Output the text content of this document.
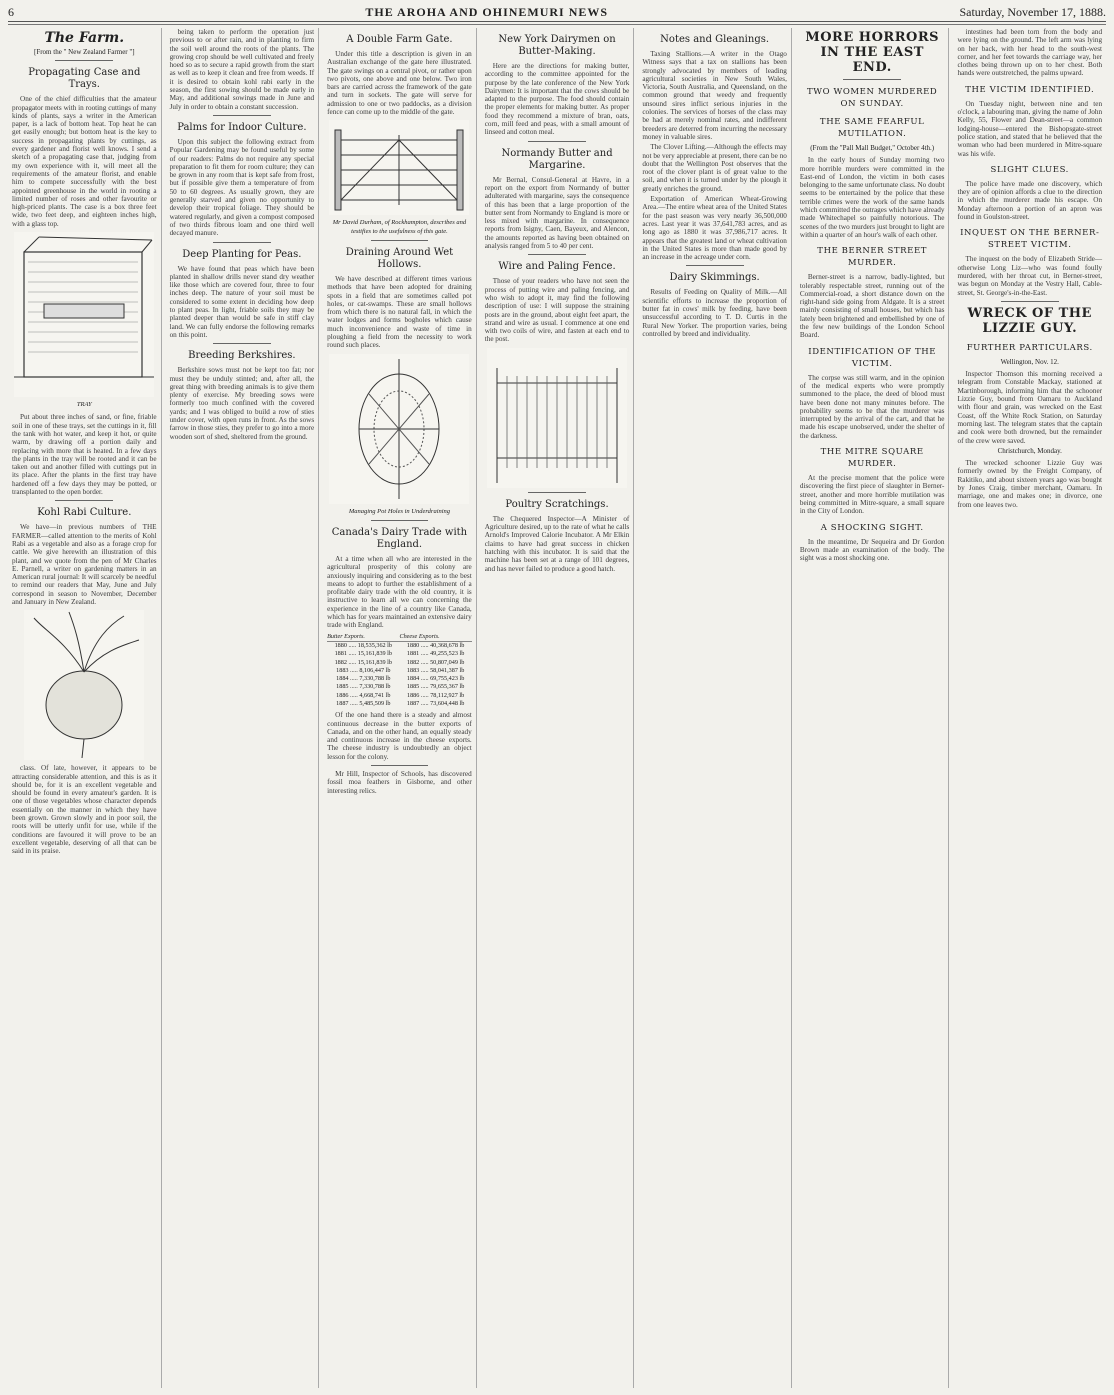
6	THE AROHA AND OHINEMURI NEWS	Saturday, November 17, 1888.
The Farm.
[From the " New Zealand Farmer "]
Propagating Case and Trays.

One of the chief difficulties that the amateur propagator meets with in rooting cuttings of many kinds of plants, says a writer in the American paper, is a lack of bottom heat. Top heat he can get easily enough; but bottom heat is the key to success in propagating plants by cuttings, as every gardener and florist well knows. I send a sketch of a propagating case that, judging from my own experience with it, will meet all the requirements of the amateur florist, and enable him to compete successfully with the best appointed greenhouse in the world in rooting a limited number of roses and other favourite or high-priced plants. The case is a box three feet wide, two feet deep, and eighteen inches high, with a glass top.

TRAY

Put about three inches of sand, or fine, friable soil in one of these trays, set the cuttings in it, fill the tank with hot water, and keep it hot, or quite warm, by drawing off a portion daily and replacing with more that is heated. In a few days the plants in the tray will be rooted and it can be taken out and another filled with cuttings put in its place. After the plants in the first tray have hardened off a few days they may be potted, or transplanted to the open border.

Kohl Rabi Culture.

We have—in previous numbers of THE FARMER—called attention to the merits of Kohl Rabi as a vegetable and also as a forage crop for cattle. We give herewith an illustration of this plant, and we quote from the pen of Mr Charles E. Parnell, a writer on gardening matters in an American rural journal: It will scarcely be needful to remind our readers that May, June and July correspond in season to November, December and January in New Zealand.

class. Of late, however, it appears to be attracting considerable attention, and this is as it should be, for it is an excellent vegetable and should be found in every amateur's garden. It is one of those vegetables whose character depends essentially on the manner in which they have been grown. Grown slowly and in poor soil, the roots will be utterly unfit for use, while if the conditions are favoured it will prove to be an excellent vegetable, deserving of all that can be said in its praise.

being taken to perform the operation just previous to or after rain, and in planting to firm the soil well around the roots of the plants. The growing crop should be well cultivated and freely hoed so as to secure a rapid growth from the start as well as to keep it clean and free from weeds. If it is desired to obtain kohl rabi early in the season, the first sowing should be made early in May, and additional sowings made in June and July in order to obtain a constant succession.

Palms for Indoor Culture.

Upon this subject the following extract from Popular Gardening may be found useful by some of our readers: Palms do not require any special preparation to fit them for room culture; they can be grown in any room that is kept safe from frost, but if possible give them a temperature of from 50 to 60 degrees. As usually grown, they are generally starved and given no opportunity to develop their tropical foliage. They should be watered regularly, and given a compost composed of two thirds fibrous loam and one third well decayed manure.

Deep Planting for Peas.

We have found that peas which have been planted in shallow drills never stand dry weather like those which are covered four, three to four inches deep. The nature of your soil must be considered to some extent in deciding how deep to plant peas. In light, friable soils they may be planted deeper than would be safe in stiff clay land. We can fully endorse the following remarks on this point.

Breeding Berkshires.

Berkshire sows must not be kept too fat; nor must they be unduly stinted; and, after all, the great thing with breeding animals is to give them plenty of exercise. My breeding sows were formerly too much confined with the covered yards; and I was obliged to build a row of sties under cover, with open runs in front. As the sows farrow in those sties, they prefer to go into a more wooden sort of shed, sheltered from the ground.

A Double Farm Gate.

Under this title a description is given in an Australian exchange of the gate here illustrated. The gate swings on a central pivot, or rather upon two pivots, one above and one below. Two iron bars are carried across the framework of the gate and turn in sockets. The gate will serve for admission to one or two paddocks, as a division fence can come up to the middle of the gate.

Mr David Durham, of Rockhampton, describes and testifies to the usefulness of this gate.
Draining Around Wet Hollows.

We have described at different times various methods that have been adopted for draining spots in a field that are sometimes called pot holes, or cat-swamps. These are small hollows from which there is no natural fall, in which the water lodges and forms bogholes which cause much inconvenience and waste of time in ploughing a field from the necessity to work round such places.

Managing Pot Holes in Underdraining
Canada's Dairy Trade with England.

At a time when all who are interested in the agricultural prosperity of this colony are anxiously inquiring and considering as to the best means to adopt to further the establishment of a profitable dairy trade with the old country, it is instructive to learn all we can concerning the experience in the line of a country like Canada, which has for years maintained an extensive dairy trade with England.

Butter Exports.	Cheese Exports.
1880 ..... 18,535,362 lb	1880 ..... 40,368,678 lb
1881 ..... 15,161,839 lb	1881 ..... 49,255,523 lb
1882 ..... 15,161,839 lb	1882 ..... 50,807,049 lb
1883 ..... 8,106,447 lb	1883 ..... 58,041,387 lb
1884 ..... 7,330,788 lb	1884 ..... 69,755,423 lb
1885 ..... 7,330,788 lb	1885 ..... 79,655,367 lb
1886 ..... 4,668,741 lb	1886 ..... 78,112,927 lb
1887 ..... 5,485,509 lb	1887 ..... 73,604,448 lb

Of the one hand there is a steady and almost continuous decrease in the butter exports of Canada, and on the other hand, an equally steady and continuous increase in the cheese exports. The cheese industry is undoubtedly an object lesson for the colony.

Mr Hill, Inspector of Schools, has discovered fossil moa feathers in Gisborne, and other interesting relics.

New York Dairymen on Butter-Making.

Here are the directions for making butter, according to the committee appointed for the purpose by the late conference of the New York Dairymen: It is important that the cows should be adapted to the purpose. The food should contain the proper elements for making butter. As proper food they recommend a mixture of bran, oats, corn, mill feed and peas, with a small amount of linseed and cotton meal.

Normandy Butter and Margarine.

Mr Bernal, Consul-General at Havre, in a report on the export from Normandy of butter adulterated with margarine, says the consequence of this has been that a large proportion of the butter sent from Normandy to England is more or less mixed with margarine. In consequence reports from Isigny, Caen, Bayeux, and Alencon, the amounts reported as having been obtained on analysis ranged from 5 to 40 per cent.

Wire and Paling Fence.

Those of your readers who have not seen the process of putting wire and paling fencing, and who wish to adopt it, may find the following description of use: I will suppose the straining posts are in the ground, about eight feet apart, the strand and wire as usual. I commence at one end with two coils of wire, and fasten at each end to the post.

Poultry Scratchings.

The Chequered Inspector—A Minister of Agriculture desired, up to the rate of what he calls Arnold's Improved Calorie Incubator. A Mr Elkin claims to have had great success in chicken hatching with this incubator. It is said that the machine has been set at a range of 101 degrees, and has never failed to produce a good hatch.

Notes and Gleanings.

Taxing Stallions.—A writer in the Otago Witness says that a tax on stallions has been strongly advocated by members of leading agricultural societies in New South Wales, Victoria, South Australia, and Queensland, on the common ground that weedy and frequently unsound sires inflict serious injuries in the colonies. The services of horses of the class may be had at merely nominal rates, and indifferent breeders are deterred from incurring the necessary money in valuable sires.

The Clover Lifting.—Although the effects may not be very appreciable at present, there can be no doubt that the Wellington Post observes that the root of the clover plant is of great value to the soil, and when it is turned under by the plough it greatly enriches the ground.

Exportation of American Wheat-Growing Area.—The entire wheat area of the United States for the past season was very nearly 36,500,000 acres. Last year it was 37,641,783 acres, and as long ago as 1880 it was 37,986,717 acres. It appears that the greatest land or wheat cultivation in the United States is more than made good by an increase in the acreage under corn.

Dairy Skimmings.

Results of Feeding on Quality of Milk.—All scientific efforts to increase the proportion of butter fat in cows' milk by feeding, have been unsuccessful according to T. D. Curtis in the Rural New Yorker. The proportion varies, being controlled by breed and individuality.

MORE HORRORS IN THE EAST END.
TWO WOMEN MURDERED ON SUNDAY.
THE SAME FEARFUL MUTILATION.
(From the "Pall Mall Budget," October 4th.)

In the early hours of Sunday morning two more horrible murders were committed in the East-end of London, the victim in both cases belonging to the same unfortunate class. No doubt seems to be entertained by the police that these terrible crimes were the work of the same hands which committed the outrages which have already made Whitechapel so painfully notorious. The scenes of the two murders just brought to light are within a quarter of an hour's walk of each other.

THE BERNER STREET MURDER.

Berner-street is a narrow, badly-lighted, but tolerably respectable street, running out of the Commercial-road, a short distance down on the right-hand side going from Aldgate. It is a street mainly consisting of small houses, but which has lately been brightened and embellished by one of the few new buildings of the London School Board.

IDENTIFICATION OF THE VICTIM.

The corpse was still warm, and in the opinion of the medical experts who were promptly summoned to the place, the deed of blood must have been done not many minutes before. The probability seems to be that the murderer was interrupted by the arrival of the cart, and that he made his escape unobserved, under the shelter of the darkness.

THE MITRE SQUARE MURDER.

At the precise moment that the police were discovering the first piece of slaughter in Berner-street, another and more horrible mutilation was being committed in Mitre-square, a small square in the City of London.

A SHOCKING SIGHT.

In the meantime, Dr Sequeira and Dr Gordon Brown made an examination of the body. The sight was a most shocking one.

intestines had been torn from the body and were lying on the ground. The left arm was lying on her back, with her head to the south-west corner, and her feet towards the carriage way, her clothes being thrown up on to her chest. Both hands were outstretched, the palms upward.

THE VICTIM IDENTIFIED.

On Tuesday night, between nine and ten o'clock, a labouring man, giving the name of John Kelly, 55, Flower and Dean-street—a common lodging-house—entered the Bishopsgate-street police station, and stated that he believed that the woman who had been murdered in Mitre-square was his wife.

SLIGHT CLUES.

The police have made one discovery, which they are of opinion affords a clue to the direction in which the murderer made his escape. On Monday afternoon a portion of an apron was found in Goulston-street.

INQUEST ON THE BERNER-STREET VICTIM.

The inquest on the body of Elizabeth Stride—otherwise Long Liz—who was found foully murdered, with her throat cut, in Berner-street, was begun on Monday at the Vestry Hall, Cable-street, St. George's-in-the-East.

WRECK OF THE LIZZIE GUY.
FURTHER PARTICULARS.
Wellington, Nov. 12.

Inspector Thomson this morning received a telegram from Constable Mackay, stationed at Martinborough, informing him that the schooner Lizzie Guy, bound from Oamaru to Auckland with flour and grain, was wrecked on the East Coast, off the White Rock Station, on Saturday morning last. The telegram states that the captain and cook were both drowned, but the remainder of the crew were saved.

Christchurch, Monday.

The wrecked schooner Lizzie Guy was formerly owned by the Freight Company, of Rakitiko, and about sixteen years ago was bought by Jones Craig, timber merchant, Oamaru. In marriage, one and makes one; in divorce, one from one leaves two.
